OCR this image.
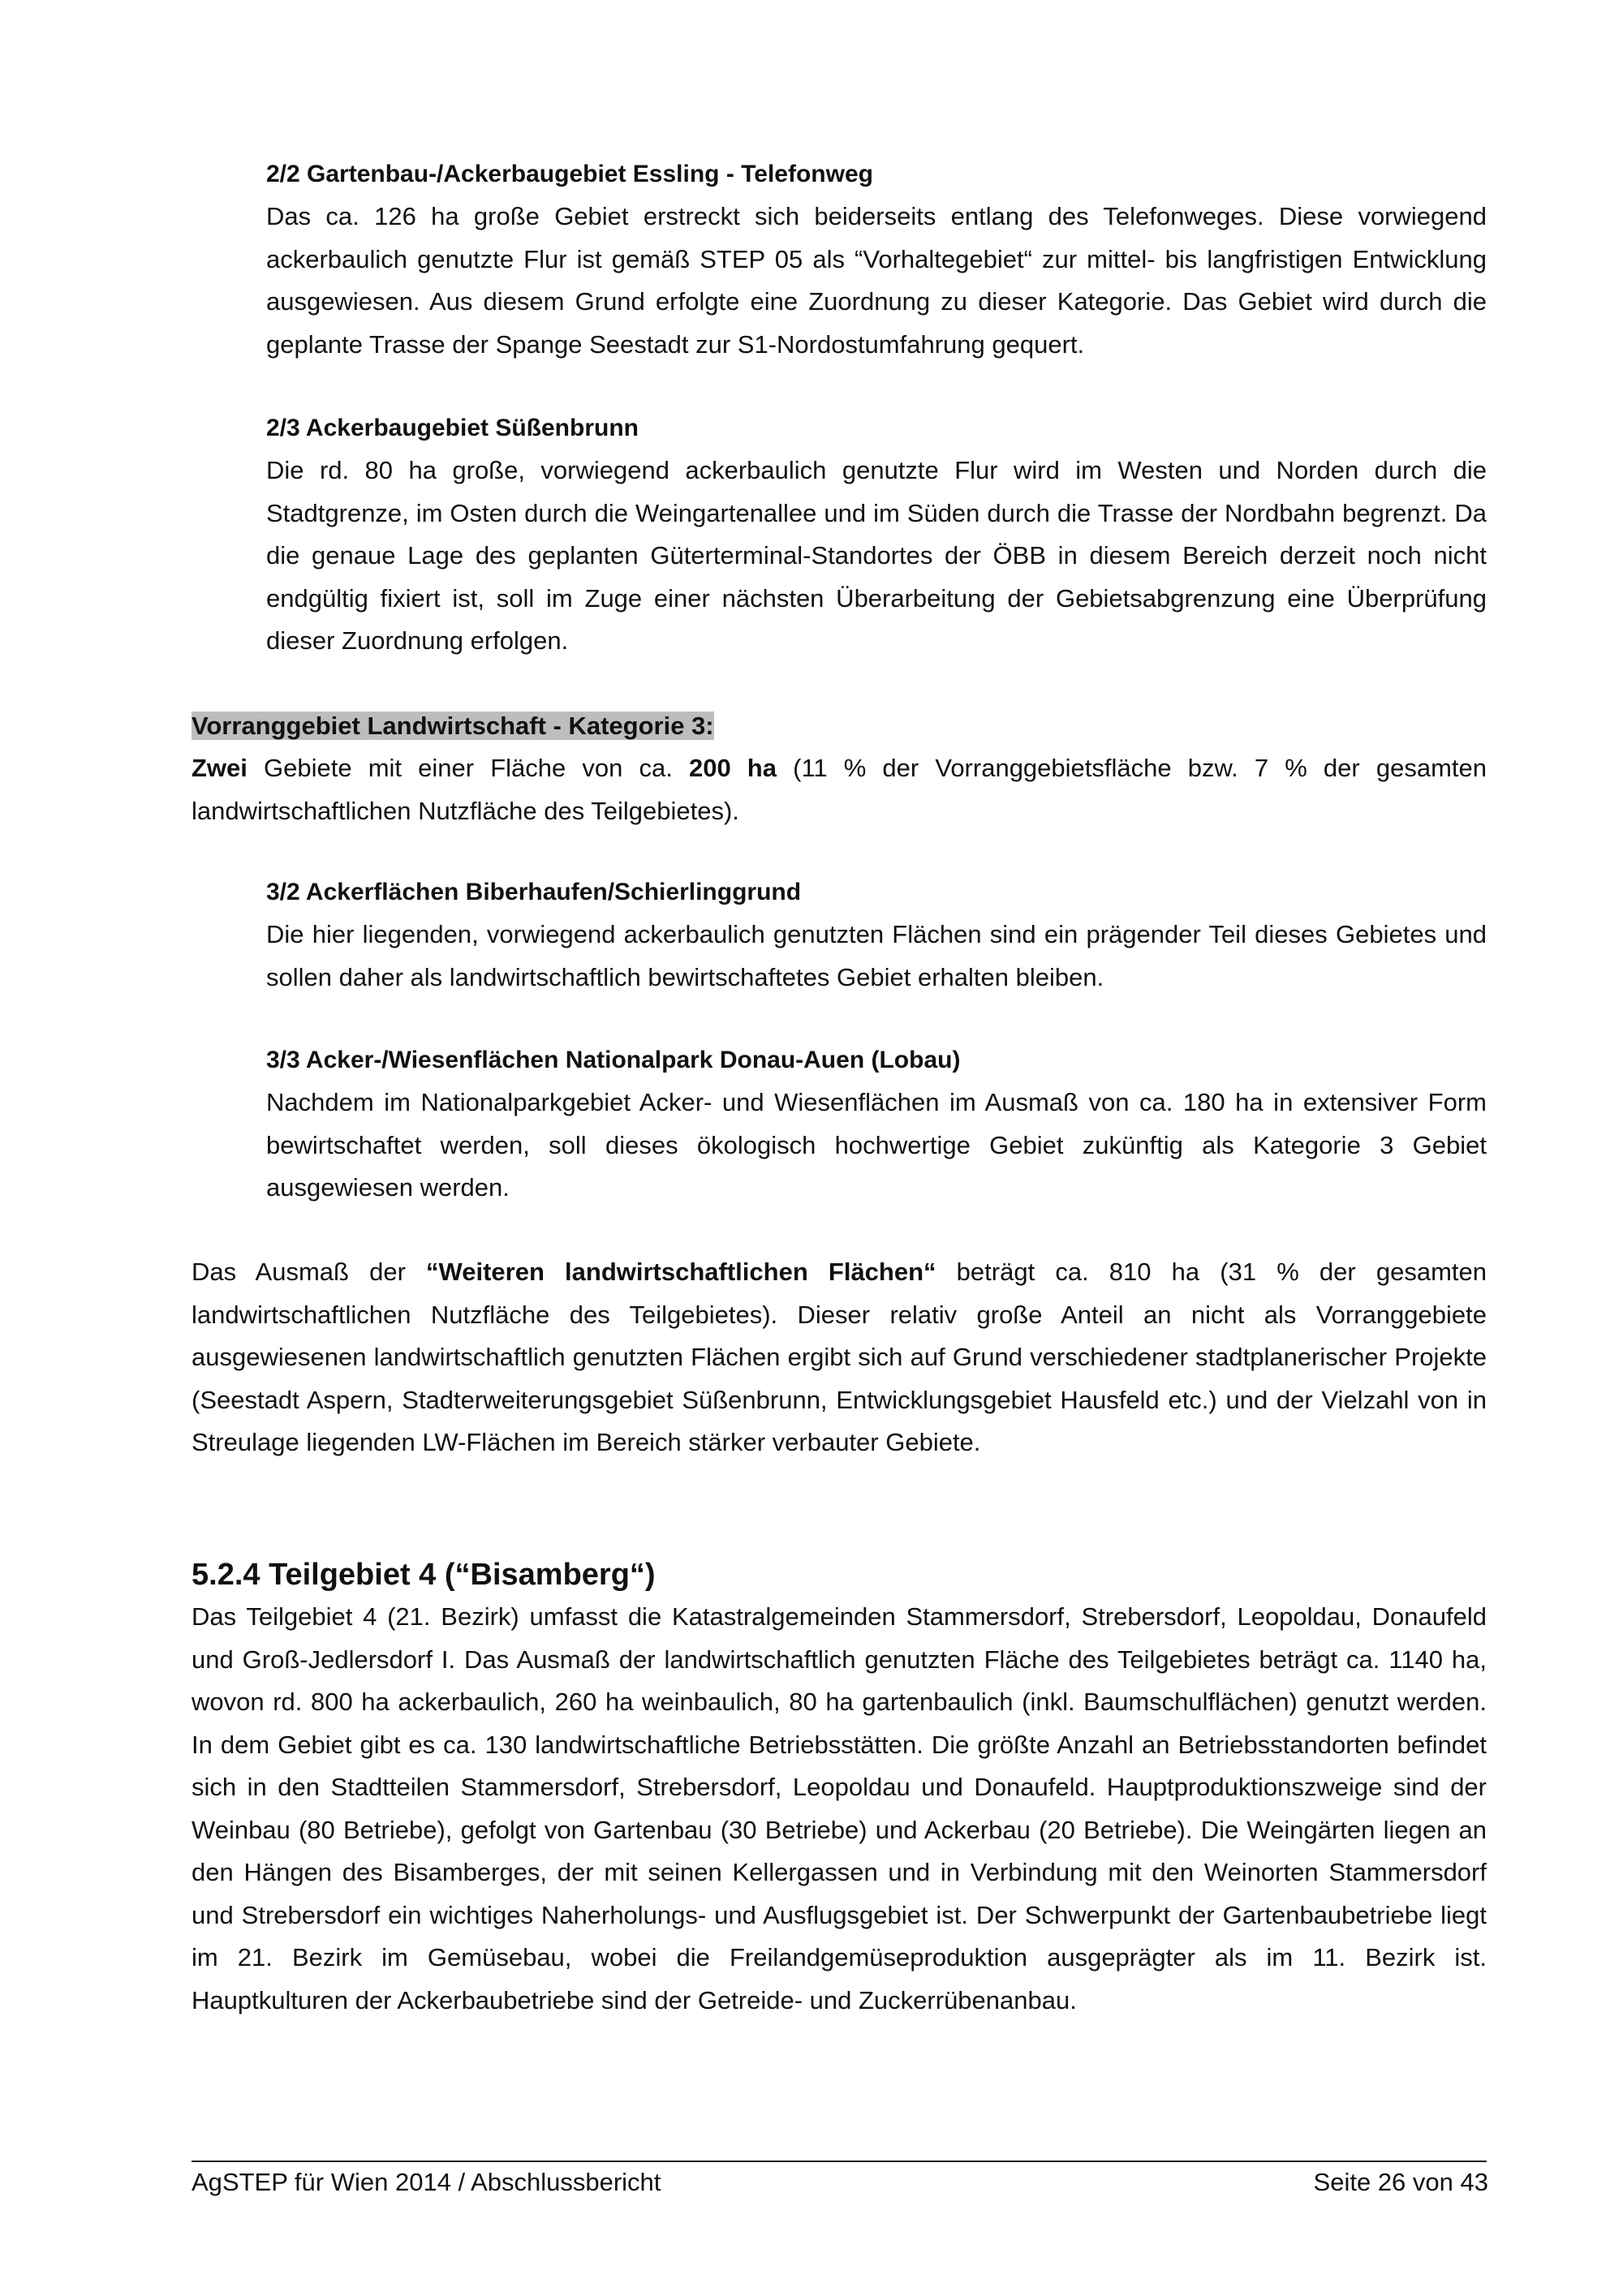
2/2 Gartenbau-/Ackerbaugebiet Essling - Telefonweg

Das ca. 126 ha große Gebiet erstreckt sich beiderseits entlang des Telefonweges. Diese vorwiegend ackerbaulich genutzte Flur ist gemäß STEP 05 als “Vorhaltegebiet“ zur mittel- bis langfristigen Entwicklung ausgewiesen. Aus diesem Grund erfolgte eine Zuordnung zu dieser Kategorie. Das Gebiet wird durch die geplante Trasse der Spange Seestadt zur S1-Nordostumfahrung gequert.

2/3 Ackerbaugebiet Süßenbrunn

Die rd. 80 ha große, vorwiegend ackerbaulich genutzte Flur wird im Westen und Norden durch die Stadtgrenze, im Osten durch die Weingartenallee und im Süden durch die Trasse der Nordbahn begrenzt. Da die genaue Lage des geplanten Güterterminal-Standortes der ÖBB in diesem Bereich derzeit noch nicht endgültig fixiert ist, soll im Zuge einer nächsten Überarbeitung der Gebietsabgrenzung eine Überprüfung dieser Zuordnung erfolgen.

Vorranggebiet Landwirtschaft - Kategorie 3:

Zwei Gebiete mit einer Fläche von ca. 200 ha (11 % der Vorranggebietsfläche bzw. 7 % der gesamten landwirtschaftlichen Nutzfläche des Teilgebietes).

3/2 Ackerflächen Biberhaufen/Schierlinggrund

Die hier liegenden, vorwiegend ackerbaulich genutzten Flächen sind ein prägender Teil dieses Gebietes und sollen daher als landwirtschaftlich bewirtschaftetes Gebiet erhalten bleiben.

3/3 Acker-/Wiesenflächen Nationalpark Donau-Auen (Lobau)

Nachdem im Nationalparkgebiet Acker- und Wiesenflächen im Ausmaß von ca. 180 ha in extensiver Form bewirtschaftet werden, soll dieses ökologisch hochwertige Gebiet zukünftig als Kategorie 3 Gebiet ausgewiesen werden.

Das Ausmaß der “Weiteren landwirtschaftlichen Flächen“ beträgt ca. 810 ha (31 % der gesamten landwirtschaftlichen Nutzfläche des Teilgebietes). Dieser relativ große Anteil an nicht als Vorranggebiete ausgewiesenen landwirtschaftlich genutzten Flächen ergibt sich auf Grund verschiedener stadtplanerischer Projekte (Seestadt Aspern, Stadterweiterungsgebiet Süßenbrunn, Entwicklungsgebiet Hausfeld etc.) und der Vielzahl von in Streulage liegenden LW-Flächen im Bereich stärker verbauter Gebiete.

5.2.4 Teilgebiet 4 (“Bisamberg“)

Das Teilgebiet 4 (21. Bezirk) umfasst die Katastralgemeinden Stammersdorf, Strebersdorf, Leopoldau, Donaufeld und Groß-Jedlersdorf I. Das Ausmaß der landwirtschaftlich genutzten Fläche des Teilgebietes beträgt ca. 1140 ha, wovon rd. 800 ha ackerbaulich, 260 ha weinbaulich, 80 ha gartenbaulich (inkl. Baumschulflächen) genutzt werden. In dem Gebiet gibt es ca. 130 landwirtschaftliche Betriebsstätten. Die größte Anzahl an Betriebsstandorten befindet sich in den Stadtteilen Stammersdorf, Strebersdorf, Leopoldau und Donaufeld. Hauptproduktionszweige sind der Weinbau (80 Betriebe), gefolgt von Gartenbau (30 Betriebe) und Ackerbau (20 Betriebe). Die Weingärten liegen an den Hängen des Bisamberges, der mit seinen Kellergassen und in Verbindung mit den Weinorten Stammersdorf und Strebersdorf ein wichtiges Naherholungs- und Ausflugsgebiet ist. Der Schwerpunkt der Gartenbaubetriebe liegt im 21. Bezirk im Gemüsebau, wobei die Freilandgemüseproduktion ausgeprägter als im 11. Bezirk ist. Hauptkulturen der Ackerbaubetriebe sind der Getreide- und Zuckerrübenanbau.

AgSTEP für Wien 2014 / Abschlussbericht	Seite 26 von 43
